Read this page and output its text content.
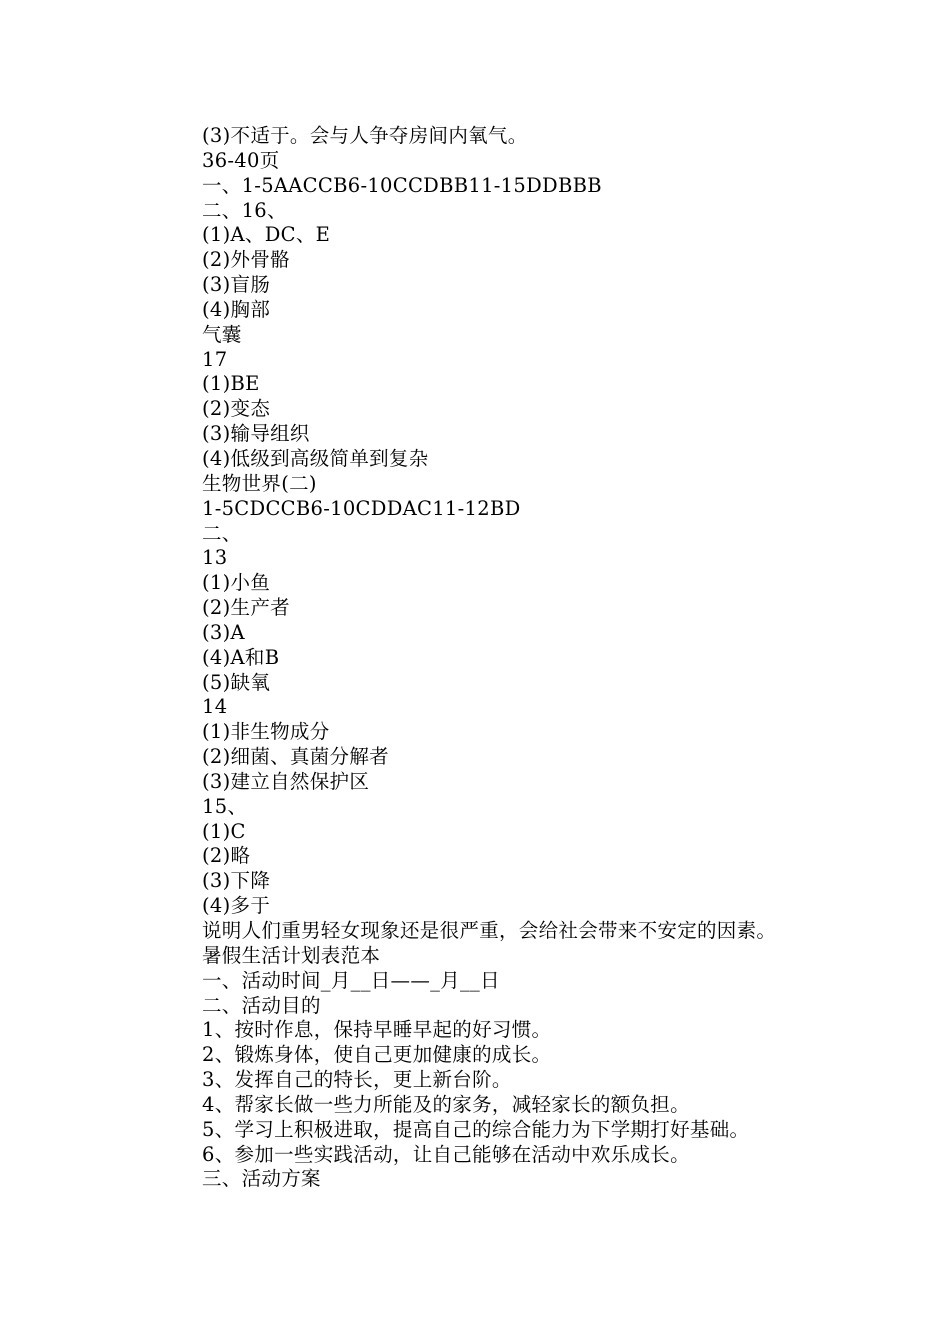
(3)不适于。会与人争夺房间内氧气。
36-40页
一、1-5AACCB6-10CCDBB11-15DDBBB
二、16、
(1)A、DC、E
(2)外骨骼
(3)盲肠
(4)胸部
气囊
17
(1)BE
(2)变态
(3)输导组织
(4)低级到高级简单到复杂
生物世界(二)
1-5CDCCB6-10CDDAC11-12BD
二、
13
(1)小鱼
(2)生产者
(3)A
(4)A和B
(5)缺氧
14
(1)非生物成分
(2)细菌、真菌分解者
(3)建立自然保护区
15、
(1)C
(2)略
(3)下降
(4)多于
说明人们重男轻女现象还是很严重，会给社会带来不安定的因素。
暑假生活计划表范本
一、活动时间_月__日——_月__日
二、活动目的
1、按时作息，保持早睡早起的好习惯。
2、锻炼身体，使自己更加健康的成长。
3、发挥自己的特长，更上新台阶。
4、帮家长做一些力所能及的家务，减轻家长的额负担。
5、学习上积极进取，提高自己的综合能力为下学期打好基础。
6、参加一些实践活动，让自己能够在活动中欢乐成长。
三、活动方案
